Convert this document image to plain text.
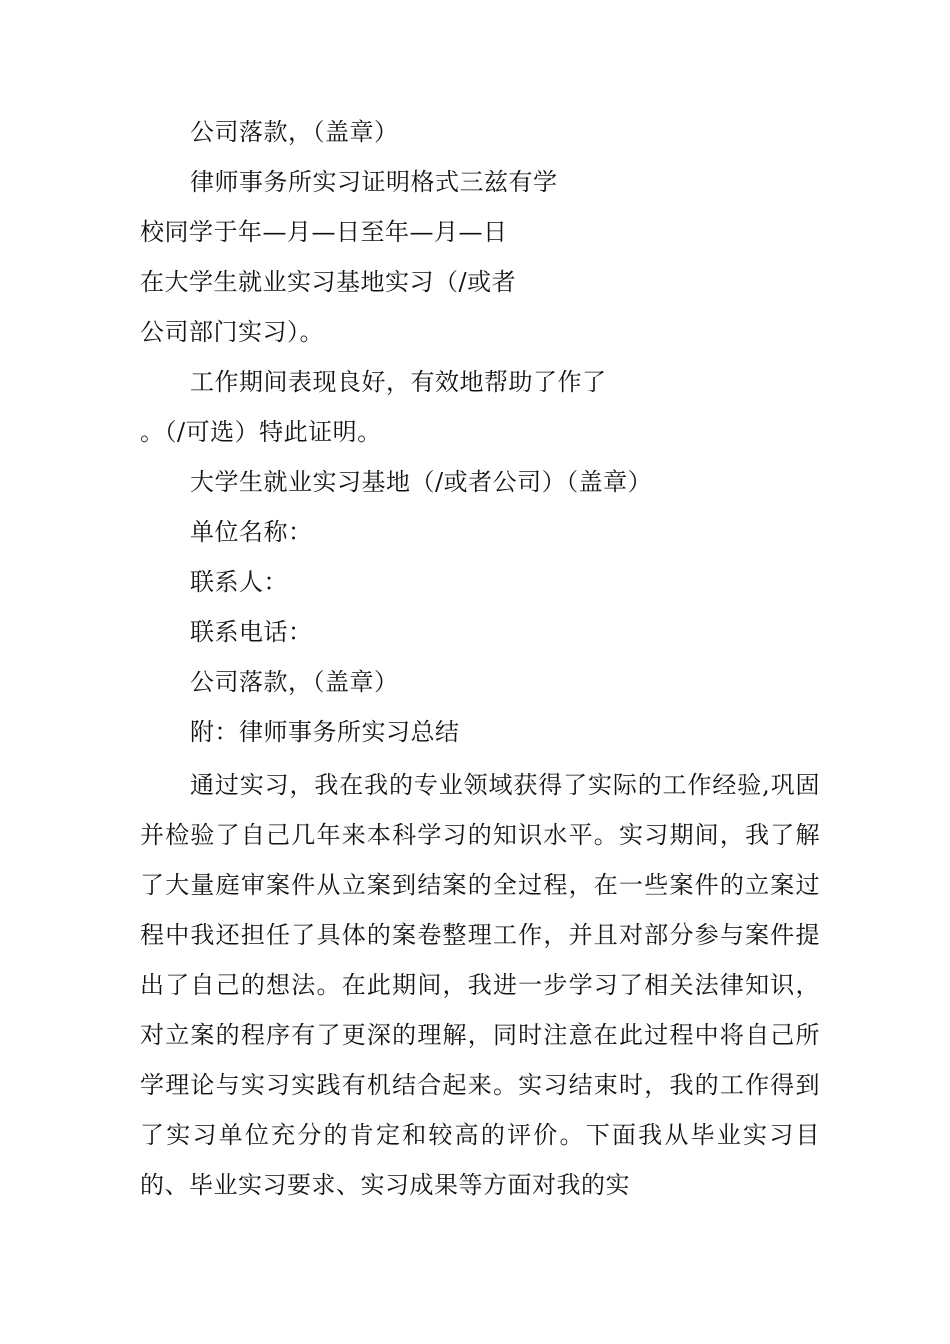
公司落款，（盖章）
律师事务所实习证明格式三兹有学
校同学于年—月—日至年—月—日
在大学生就业实习基地实习（/或者
公司部门实习）。
工作期间表现良好，有效地帮助了作了
。（/可选）特此证明。
大学生就业实习基地（/或者公司）（盖章）
单位名称：
联系人：
联系电话：
公司落款，（盖章）
附：律师事务所实习总结
通过实习，我在我的专业领域获得了实际的工作经验,巩固并检验了自己几年来本科学习的知识水平。实习期间，我了解了大量庭审案件从立案到结案的全过程，在一些案件的立案过程中我还担任了具体的案卷整理工作，并且对部分参与案件提出了自己的想法。在此期间，我进一步学习了相关法律知识，对立案的程序有了更深的理解，同时注意在此过程中将自己所学理论与实习实践有机结合起来。实习结束时，我的工作得到了实习单位充分的肯定和较高的评价。下面我从毕业实习目的、毕业实习要求、实习成果等方面对我的实
